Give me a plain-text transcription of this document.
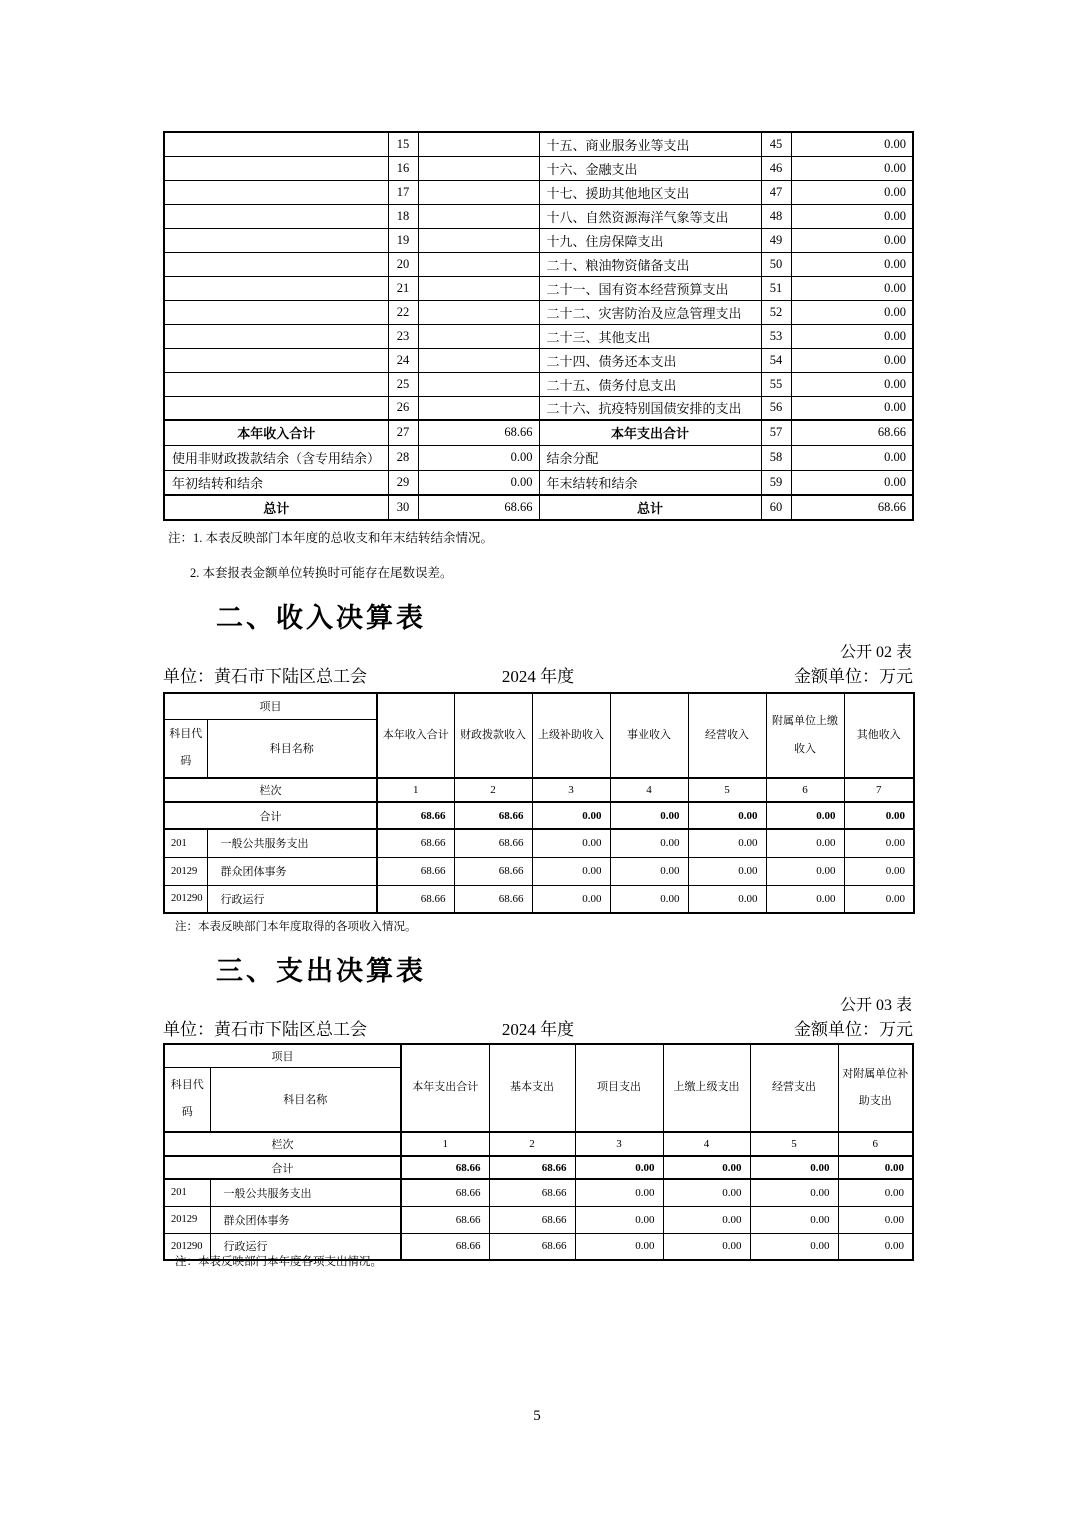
	15		十五、商业服务业等支出	45	0.00
	16		十六、金融支出	46	0.00
	17		十七、援助其他地区支出	47	0.00
	18		十八、自然资源海洋气象等支出	48	0.00
	19		十九、住房保障支出	49	0.00
	20		二十、粮油物资储备支出	50	0.00
	21		二十一、国有资本经营预算支出	51	0.00
	22		二十二、灾害防治及应急管理支出	52	0.00
	23		二十三、其他支出	53	0.00
	24		二十四、债务还本支出	54	0.00
	25		二十五、债务付息支出	55	0.00
	26		二十六、抗疫特别国债安排的支出	56	0.00
本年收入合计	27	68.66	本年支出合计	57	68.66
使用非财政拨款结余（含专用结余）	28	0.00	结余分配	58	0.00
年初结转和结余	29	0.00	年末结转和结余	59	0.00
总计	30	68.66	总计	60	68.66
注：1. 本表反映部门本年度的总收支和年末结转结余情况。
2. 本套报表金额单位转换时可能存在尾数误差。
二、收入决算表
公开 02 表
单位：黄石市下陆区总工会	2024 年度	金额单位：万元
项目		本年收入合计	财政拨款收入	上级补助收入	事业收入	经营收入	附属单位上缴收入	其他收入
科目代码	科目名称							
栏次		1	2	3	4	5	6	7
合计		68.66	68.66	0.00	0.00	0.00	0.00	0.00
201	一般公共服务支出	68.66	68.66	0.00	0.00	0.00	0.00	0.00
20129	群众团体事务	68.66	68.66	0.00	0.00	0.00	0.00	0.00
201290	行政运行	68.66	68.66	0.00	0.00	0.00	0.00	0.00
注：本表反映部门本年度取得的各项收入情况。
三、支出决算表
公开 03 表
单位：黄石市下陆区总工会	2024 年度	金额单位：万元
项目		本年支出合计	基本支出	项目支出	上缴上级支出	经营支出	对附属单位补助支出
科目代码	科目名称						
栏次		1	2	3	4	5	6
合计		68.66	68.66	0.00	0.00	0.00	0.00
201	一般公共服务支出	68.66	68.66	0.00	0.00	0.00	0.00
20129	群众团体事务	68.66	68.66	0.00	0.00	0.00	0.00
201290	行政运行	68.66	68.66	0.00	0.00	0.00	0.00
注：本表反映部门本年度各项支出情况。
5
